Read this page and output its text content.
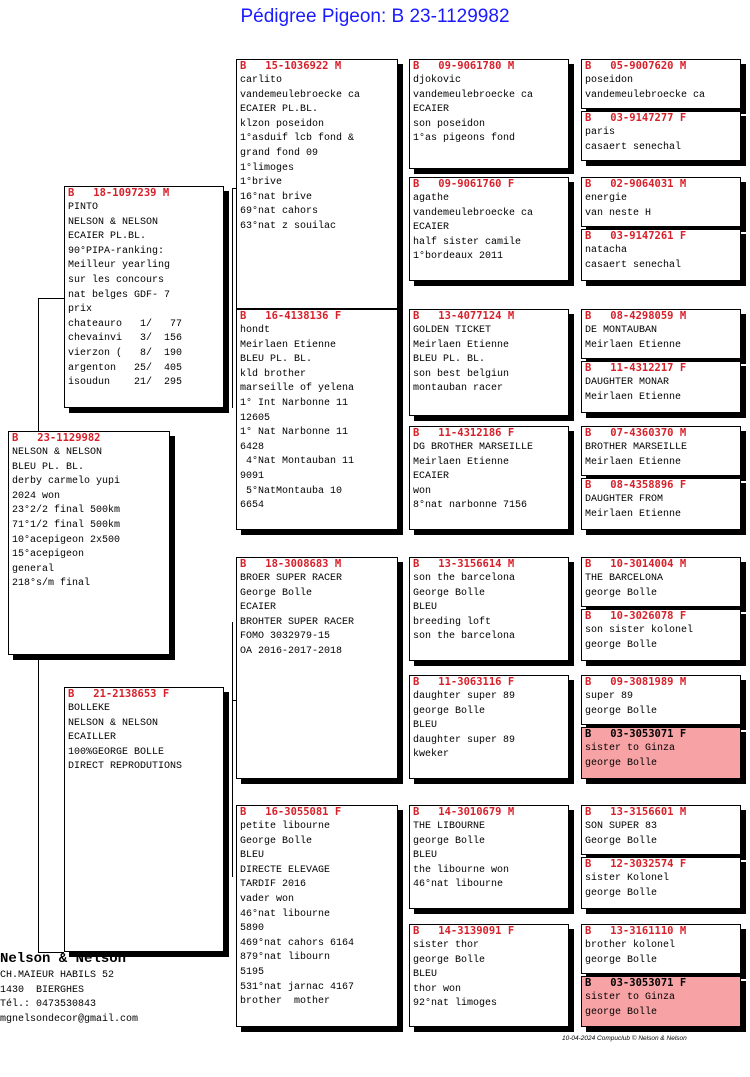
Pédigree Pigeon: B 23-1129982
B   23-1129982
NELSON & NELSON
BLEU PL. BL.
derby carmelo yupi
2024 won
23°2/2 final 500km
71°1/2 final 500km
10°acepigeon 2x500
15°acepigeon
general
218°s/m final
B   18-1097239 M
PINTO
NELSON & NELSON
ECAIER PL.BL.
90°PIPA-ranking:
Meilleur yearling
sur les concours
nat belges GDF- 7
prix
chateauro   1/   77
chevainvi   3/  156
vierzon (   8/  190
argenton   25/  405
isoudun    21/  295
B   21-2138653 F
BOLLEKE
NELSON & NELSON
ECAILLER
100%GEORGE BOLLE
DIRECT REPRODUTIONS
B   15-1036922 M
carlito
vandemeulebroecke ca
ECAIER PL.BL.
klzon poseidon
1°asduif lcb fond &
grand fond 09
1°limoges
1°brive
16°nat brive
69°nat cahors
63°nat z souilac
B   16-4138136 F
hondt
Meirlaen Etienne
BLEU PL. BL.
kld brother
marseille of yelena
1° Int Narbonne 11
12605
1° Nat Narbonne 11
6428
4°Nat Montauban 11
9091
5°NatMontauba 10
6654
B   18-3008683 M
BROER SUPER RACER
George Bolle
ECAIER
BROHTER SUPER RACER
FOMO 3032979-15
OA 2016-2017-2018
B   16-3055081 F
petite libourne
George Bolle
BLEU
DIRECTE ELEVAGE
TARDIF 2016
vader won
46°nat libourne
5890
469°nat cahors 6164
879°nat libourn
5195
531°nat jarnac 4167
brother  mother
B   09-9061780 M
djokovic
vandemeulebroecke ca
ECAIER
son poseidon
1°as pigeons fond
B   09-9061760 F
agathe
vandemeulebroecke ca
ECAIER
half sister camile
1°bordeaux 2011
B   13-4077124 M
GOLDEN TICKET
Meirlaen Etienne
BLEU PL. BL.
son best belgiun
montauban racer
B   11-4312186 F
DG BROTHER MARSEILLE
Meirlaen Etienne
ECAIER
won
8°nat narbonne 7156
B   13-3156614 M
son the barcelona
George Bolle
BLEU
breeding loft
son the barcelona
B   11-3063116 F
daughter super 89
george Bolle
BLEU
daughter super 89
kweker
B   14-3010679 M
THE LIBOURNE
george Bolle
BLEU
the libourne won
46°nat libourne
B   14-3139091 F
sister thor
george Bolle
BLEU
thor won
92°nat limoges
B   05-9007620 M
poseidon
vandemeulebroecke ca
B   03-9147277 F
paris
casaert senechal
B   02-9064031 M
energie
van neste H
B   03-9147261 F
natacha
casaert senechal
B   08-4298059 M
DE MONTAUBAN
Meirlaen Etienne
B   11-4312217 F
DAUGHTER MONAR
Meirlaen Etienne
B   07-4360370 M
BROTHER MARSEILLE
Meirlaen Etienne
B   08-4358896 F
DAUGHTER FROM
Meirlaen Etienne
B   10-3014004 M
THE BARCELONA
george Bolle
B   10-3026078 F
son sister kolonel
george Bolle
B   09-3081989 M
super 89
george Bolle
B   03-3053071 F
sister to Ginza
george Bolle
B   13-3156601 M
SON SUPER 83
George Bolle
B   12-3032574 F
sister Kolonel
george Bolle
B   13-3161110 M
brother kolonel
george Bolle
B   03-3053071 F
sister to Ginza
george Bolle
Nelson & Nelson
CH.MAIEUR HABILS 52
1430  BIERGHES
Tél.: 0473530843
mgnelsondecor@gmail.com
10-04-2024 Compuclub © Nelson & Nelson
